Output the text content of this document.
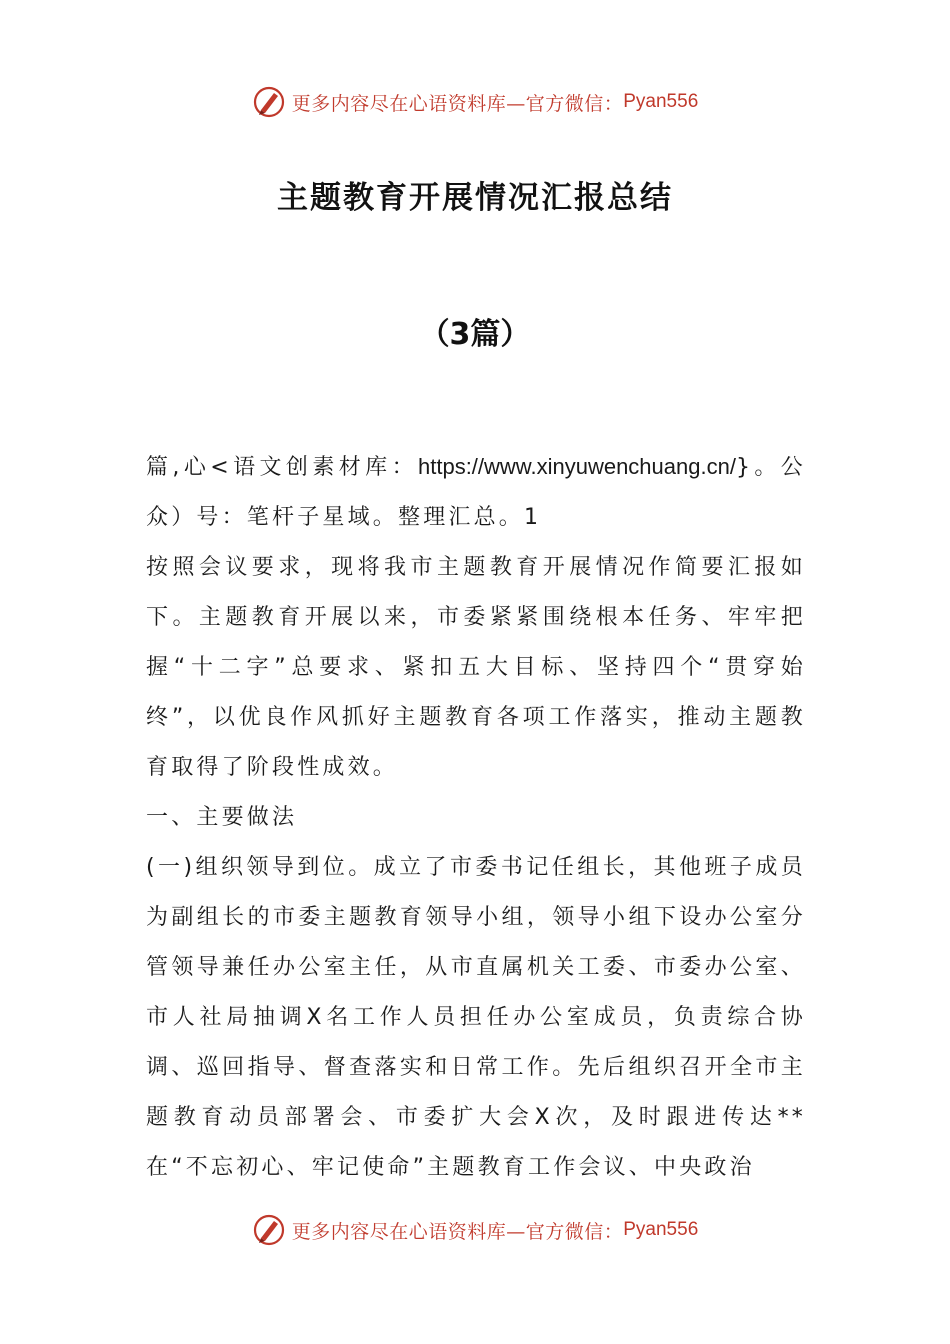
更多内容尽在心语资料库—官方微信： Pyan556
主题教育开展情况汇报总结
（3篇）

篇,心<语文创素材库：https://www.xinyuwenchuang.cn/}。公众）号：笔杆子星域。整理汇总。1

按照会议要求，现将我市主题教育开展情况作简要汇报如下。主题教育开展以来，市委紧紧围绕根本任务、牢牢把握“十二字”总要求、紧扣五大目标、坚持四个“贯穿始终”，以优良作风抓好主题教育各项工作落实，推动主题教育取得了阶段性成效。

一、主要做法

(一)组织领导到位。成立了市委书记任组长，其他班子成员为副组长的市委主题教育领导小组，领导小组下设办公室分管领导兼任办公室主任，从市直属机关工委、市委办公室、市人社局抽调X名工作人员担任办公室成员，负责综合协调、巡回指导、督查落实和日常工作。先后组织召开全市主题教育动员部署会、市委扩大会X次，及时跟进传达**在“不忘初心、牢记使命”主题教育工作会议、中央政治

更多内容尽在心语资料库—官方微信： Pyan556
